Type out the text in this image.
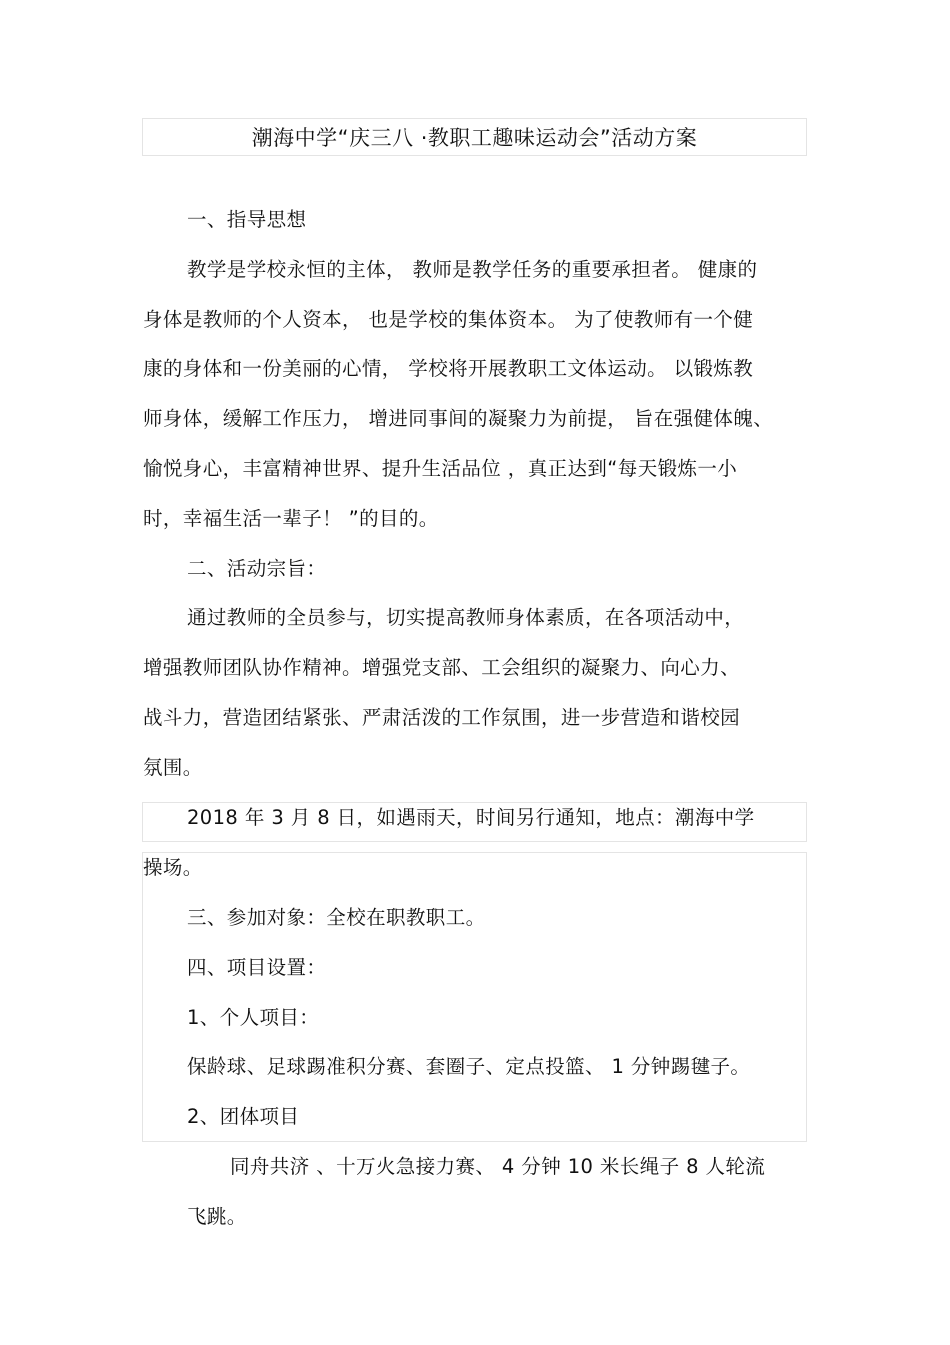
潮海中学“庆三八 ·教职工趣味运动会”活动方案

一、指导思想

教学是学校永恒的主体， 教师是教学任务的重要承担者。 健康的

身体是教师的个人资本， 也是学校的集体资本。 为了使教师有一个健

康的身体和一份美丽的心情， 学校将开展教职工文体运动。 以锻炼教

师身体，缓解工作压力， 增进同事间的凝聚力为前提， 旨在强健体魄、

愉悦身心，丰富精神世界、提升生活品位 ，真正达到“每天锻炼一小

时，幸福生活一辈子！ ”的目的。

二、活动宗旨：

通过教师的全员参与，切实提高教师身体素质，在各项活动中，

增强教师团队协作精神。增强党支部、工会组织的凝聚力、向心力、

战斗力，营造团结紧张、严肃活泼的工作氛围，进一步营造和谐校园

氛围。

2018 年 3 月 8 日，如遇雨天，时间另行通知，地点：潮海中学

操场。

三、参加对象：全校在职教职工。

四、项目设置：

1、个人项目：

保龄球、足球踢准积分赛、套圈子、定点投篮、 1 分钟踢毽子。

2、团体项目

同舟共济 、十万火急接力赛、 4 分钟 10 米长绳子 8 人轮流

飞跳。
